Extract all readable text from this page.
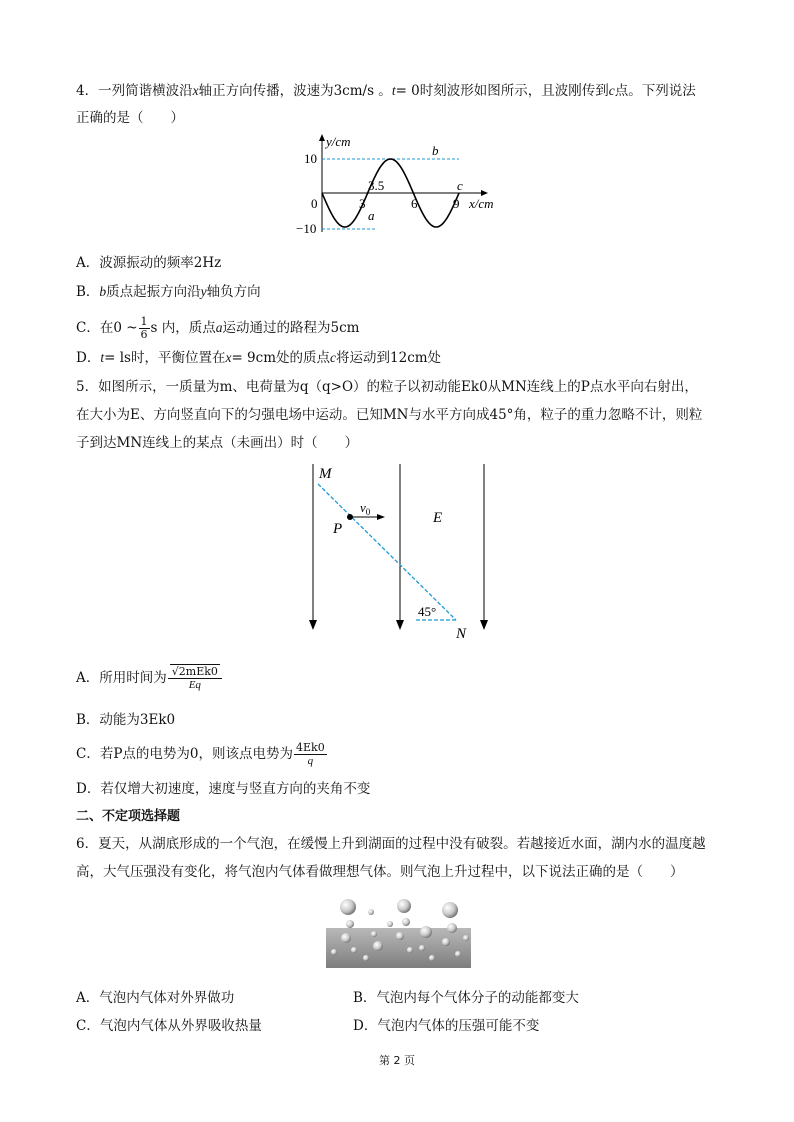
4．一列简谐横波沿x轴正方向传播，波速为3cm/s 。t= 0时刻波形如图所示，且波刚传到c点。下列说法
正确的是（　　）
y/cm
x/cm
10
−10
0	3	6	9
3.5
a
b
c
A．波源振动的频率2Hz
B．b质点起振方向沿y轴负方向
C．在0 ~ $\frac{1}{6}$ s 内，质点a运动通过的路程为5cm
D．t= ls时，平衡位置在x= 9cm处的质点c将运动到12cm处
5．如图所示，一质量为m、电荷量为q（q>O）的粒子以初动能Ek0从MN连线上的P点水平向右射出，
在大小为E、方向竖直向下的匀强电场中运动。已知MN与水平方向成45°角，粒子的重力忽略不计，则粒
子到达MN连线上的某点（未画出）时（　　）
M
P
$v_0$	E
45°
N
A．所用时间为 $\frac{\text{√2mEk0}}{Eq}$
B．动能为3Ek0
C．若P点的电势为0，则该点电势为 $\frac{4Ek0}{q}$
D．若仅增大初速度，速度与竖直方向的夹角不变
二、不定项选择题
6．夏天，从湖底形成的一个气泡，在缓慢上升到湖面的过程中没有破裂。若越接近水面，湖内水的温度越
高，大气压强没有变化，将气泡内气体看做理想气体。则气泡上升过程中，以下说法正确的是（　　）
A．气泡内气体对外界做功	B．气泡内每个气体分子的动能都变大
C．气泡内气体从外界吸收热量	D．气泡内气体的压强可能不变
第 2 页
